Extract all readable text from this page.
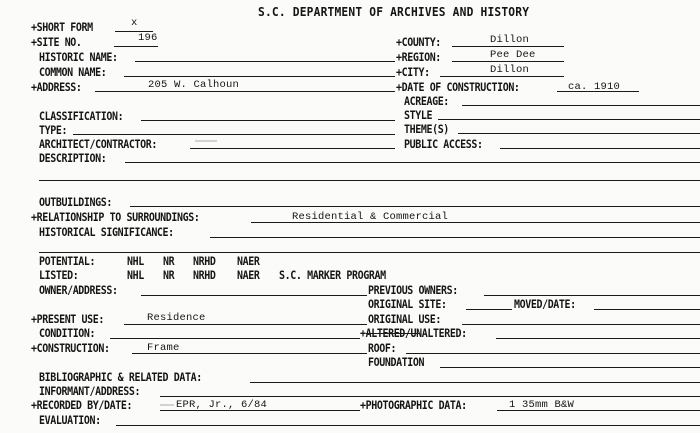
S.C. DEPARTMENT OF ARCHIVES AND HISTORY
+SHORT FORM	x
+SITE NO.	196
HISTORIC NAME:
COMMON NAME:
+ADDRESS:	205 W. Calhoun
+COUNTY:	Dillon
+REGION:	Pee Dee
+CITY:	Dillon
+DATE OF CONSTRUCTION:	ca. 1910
ACREAGE:
CLASSIFICATION:
TYPE:
ARCHITECT/CONTRACTOR:
DESCRIPTION:
STYLE
THEME(S)
PUBLIC ACCESS:
OUTBUILDINGS:
+RELATIONSHIP TO SURROUNDINGS:	Residential & Commercial
HISTORICAL SIGNIFICANCE:
POTENTIAL:	NHL NR NRHD NAER
LISTED:	NHL NR NRHD NAER S.C. MARKER PROGRAM
OWNER/ADDRESS:	PREVIOUS OWNERS:
ORIGINAL SITE:	MOVED/DATE:
ORIGINAL USE:
+ALTERED/UNALTERED:
ROOF:
FOUNDATION
+PRESENT USE:	Residence
CONDITION:
+CONSTRUCTION:	Frame
BIBLIOGRAPHIC & RELATED DATA:
INFORMANT/ADDRESS:
+RECORDED BY/DATE:	EPR, Jr., 6/84	+PHOTOGRAPHIC DATA:	1 35mm B&W
EVALUATION:
